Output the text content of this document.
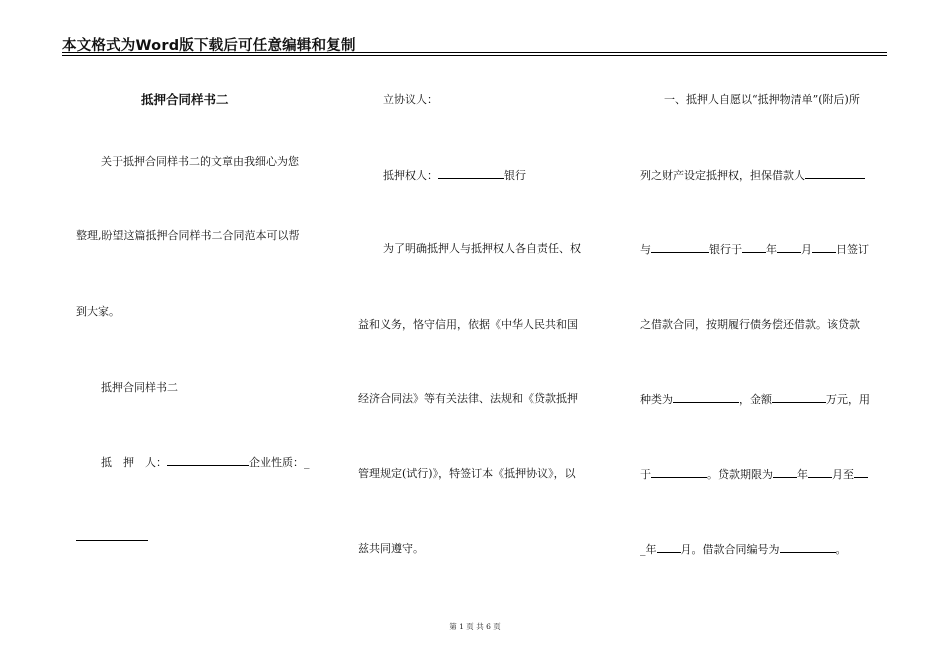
本文格式为Word版下载后可任意编辑和复制
抵押合同样书二
关于抵押合同样书二的文章由我细心为您
整理,盼望这篇抵押合同样书二合同范本可以帮
到大家。
抵押合同样书二
抵　押　人：	企业性质：_
立协议人：
抵押权人：	银行
为了明确抵押人与抵押权人各自责任、权
益和义务，恪守信用，依据《中华人民共和国
经济合同法》等有关法律、法规和《贷款抵押
管理规定(试行)》，特签订本《抵押协议》，以
兹共同遵守。
一、抵押人自愿以“抵押物清单”(附后)所
列之财产设定抵押权，担保借款人
与	银行于 年 月 日签订
之借款合同，按期履行债务偿还借款。该贷款
种类为	，金额	万元，用
于	。贷款期限为 年 月至
_年 月。借款合同编号为	。
第 1 页 共 6 页
